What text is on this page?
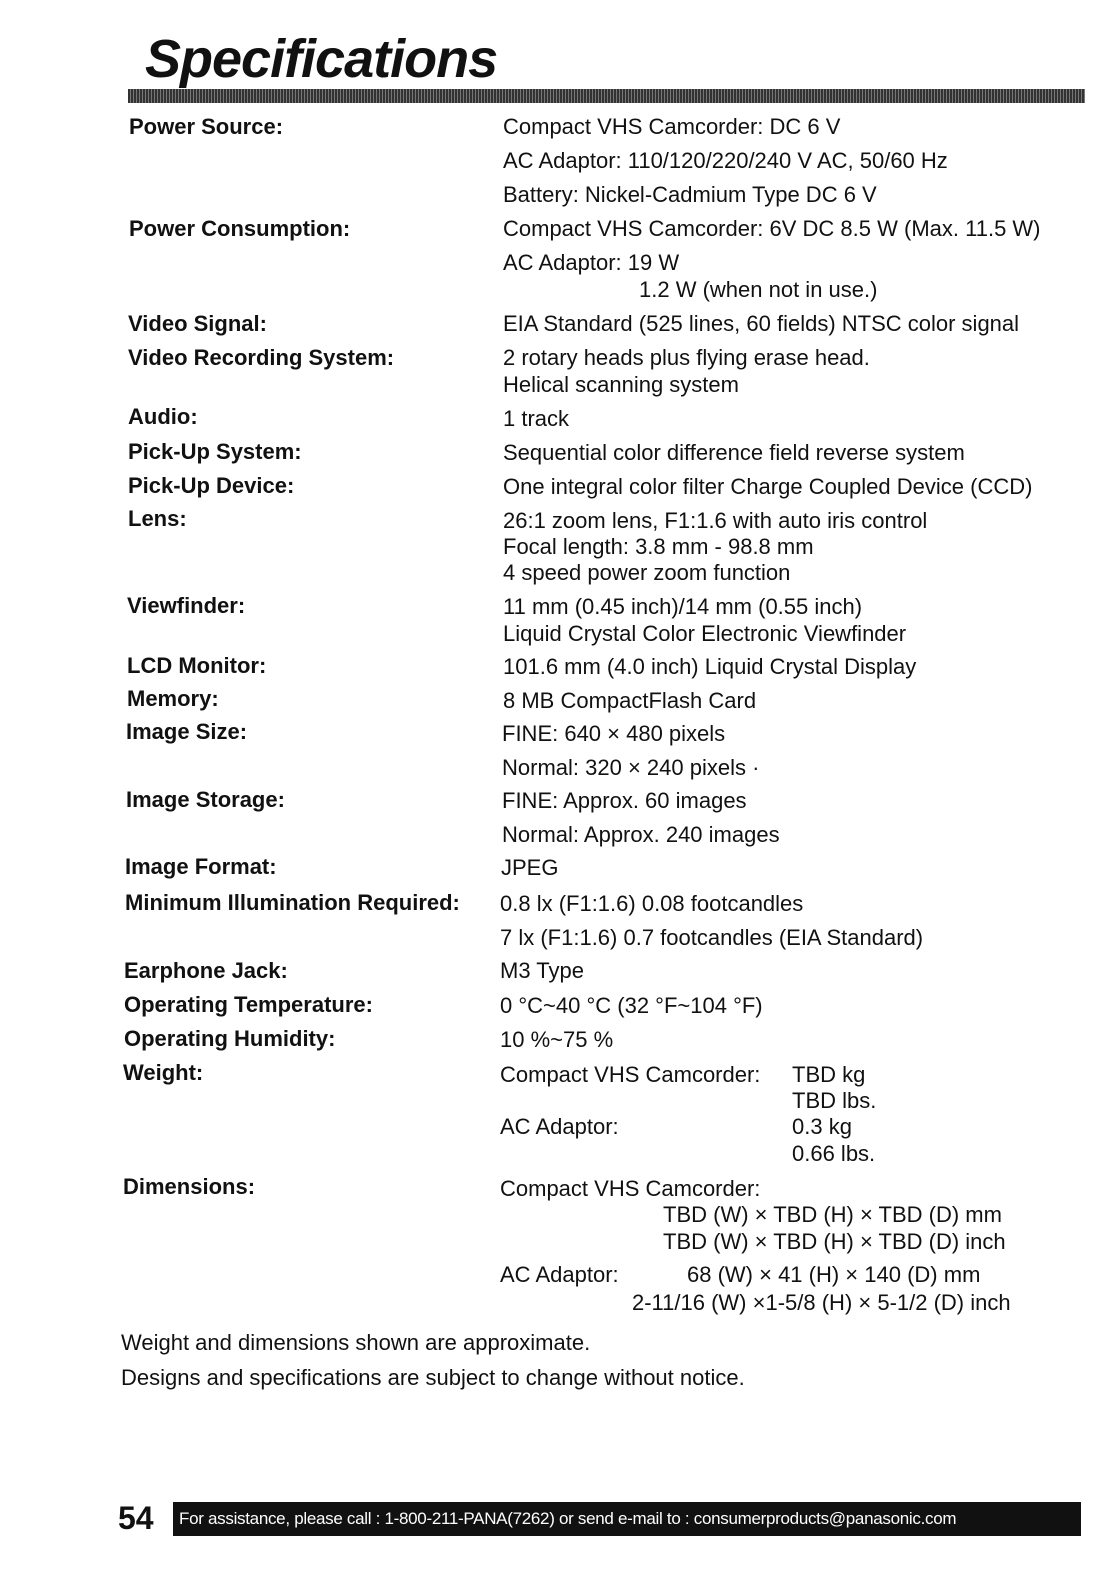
Specifications
Power Source:	Compact VHS Camcorder: DC 6 V
AC Adaptor: 110/120/220/240 V AC, 50/60 Hz
Battery: Nickel-Cadmium Type DC 6 V
Power Consumption:	Compact VHS Camcorder: 6V DC 8.5 W (Max. 11.5 W)
AC Adaptor: 19 W
1.2 W (when not in use.)
Video Signal:	EIA Standard (525 lines, 60 fields) NTSC color signal
Video Recording System:	2 rotary heads plus flying erase head.
Helical scanning system
Audio:	1 track
Pick-Up System:	Sequential color difference field reverse system
Pick-Up Device:	One integral color filter Charge Coupled Device (CCD)
Lens:	26:1 zoom lens, F1:1.6 with auto iris control
Focal length: 3.8 mm - 98.8 mm
4 speed power zoom function
Viewfinder:	11 mm (0.45 inch)/14 mm (0.55 inch)
Liquid Crystal Color Electronic Viewfinder
LCD Monitor:	101.6 mm (4.0 inch) Liquid Crystal Display
Memory:	8 MB CompactFlash Card
Image Size:	FINE: 640 × 480 pixels
Normal: 320 × 240 pixels ·
Image Storage:	FINE: Approx. 60 images
Normal: Approx. 240 images
Image Format:	JPEG
Minimum Illumination Required: 0.8 lx (F1:1.6) 0.08 footcandles
7 lx (F1:1.6) 0.7 footcandles (EIA Standard)
Earphone Jack:	M3 Type
Operating Temperature:	0 °C~40 °C (32 °F~104 °F)
Operating Humidity:	10 %~75 %
Weight:	Compact VHS Camcorder: TBD kg
TBD lbs.
AC Adaptor:	0.3 kg
0.66 lbs.
Dimensions:	Compact VHS Camcorder:
TBD (W) × TBD (H) × TBD (D) mm
TBD (W) × TBD (H) × TBD (D) inch
AC Adaptor:	68 (W) × 41 (H) × 140 (D) mm
2-11/16 (W) ×1-5/8 (H) × 5-1/2 (D) inch
Weight and dimensions shown are approximate.
Designs and specifications are subject to change without notice.
54 For assistance, please call : 1-800-211-PANA(7262) or send e-mail to : consumerproducts@panasonic.com
